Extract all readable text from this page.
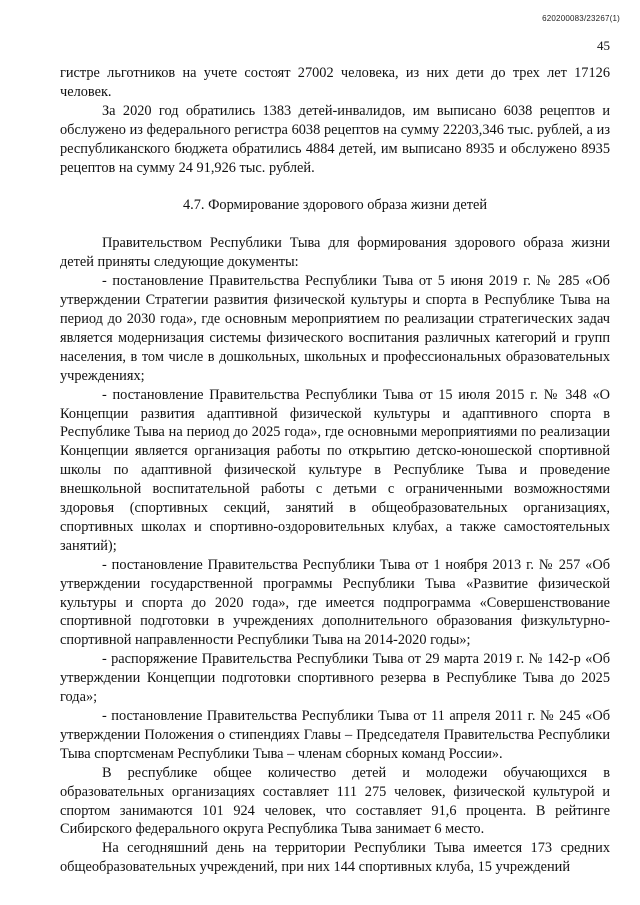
620200083/23267(1)
45

гистре льготников на учете состоят 27002 человека, из них дети до трех лет 17126 человек.

За 2020 год обратились 1383 детей-инвалидов, им выписано 6038 рецептов и обслужено из федерального регистра 6038 рецептов на сумму 22203,346 тыс. рублей, а из республиканского бюджета обратились 4884 детей, им выписано 8935 и обслужено 8935 рецептов на сумму 24 91,926 тыс. рублей.

4.7. Формирование здорового образа жизни детей

Правительством Республики Тыва для формирования здорового образа жизни детей приняты следующие документы:

- постановление Правительства Республики Тыва от 5 июня 2019 г. № 285 «Об утверждении Стратегии развития физической культуры и спорта в Республике Тыва на период до 2030 года», где основным мероприятием по реализации стратегических задач является модернизация системы физического воспитания различных категорий и групп населения, в том числе в дошкольных, школьных и профессиональных образовательных учреждениях;

- постановление Правительства Республики Тыва от 15 июля 2015 г. № 348 «О Концепции развития адаптивной физической культуры и адаптивного спорта в Республике Тыва на период до 2025 года», где основными мероприятиями по реализации Концепции является организация работы по открытию детско-юношеской спортивной школы по адаптивной физической культуре в Республике Тыва и проведение внешкольной воспитательной работы с детьми с ограниченными возможностями здоровья (спортивных секций, занятий в общеобразовательных организациях, спортивных школах и спортивно-оздоровительных клубах, а также самостоятельных занятий);

- постановление Правительства Республики Тыва от 1 ноября 2013 г. № 257 «Об утверждении государственной программы Республики Тыва «Развитие физической культуры и спорта до 2020 года», где имеется подпрограмма «Совершенствование спортивной подготовки в учреждениях дополнительного образования физкультурно-спортивной направленности Республики Тыва на 2014-2020 годы»;

- распоряжение Правительства Республики Тыва от 29 марта 2019 г. № 142-р «Об утверждении Концепции подготовки спортивного резерва в Республике Тыва до 2025 года»;

- постановление Правительства Республики Тыва от 11 апреля 2011 г. № 245 «Об утверждении Положения о стипендиях Главы – Председателя Правительства Республики Тыва спортсменам Республики Тыва – членам сборных команд России».

В республике общее количество детей и молодежи обучающихся в образовательных организациях составляет 111 275 человек, физической культурой и спортом занимаются 101 924 человек, что составляет 91,6 процента. В рейтинге Сибирского федерального округа Республика Тыва занимает 6 место.

На сегодняшний день на территории Республики Тыва имеется 173 средних общеобразовательных учреждений, при них 144 спортивных клуба, 15 учреждений
